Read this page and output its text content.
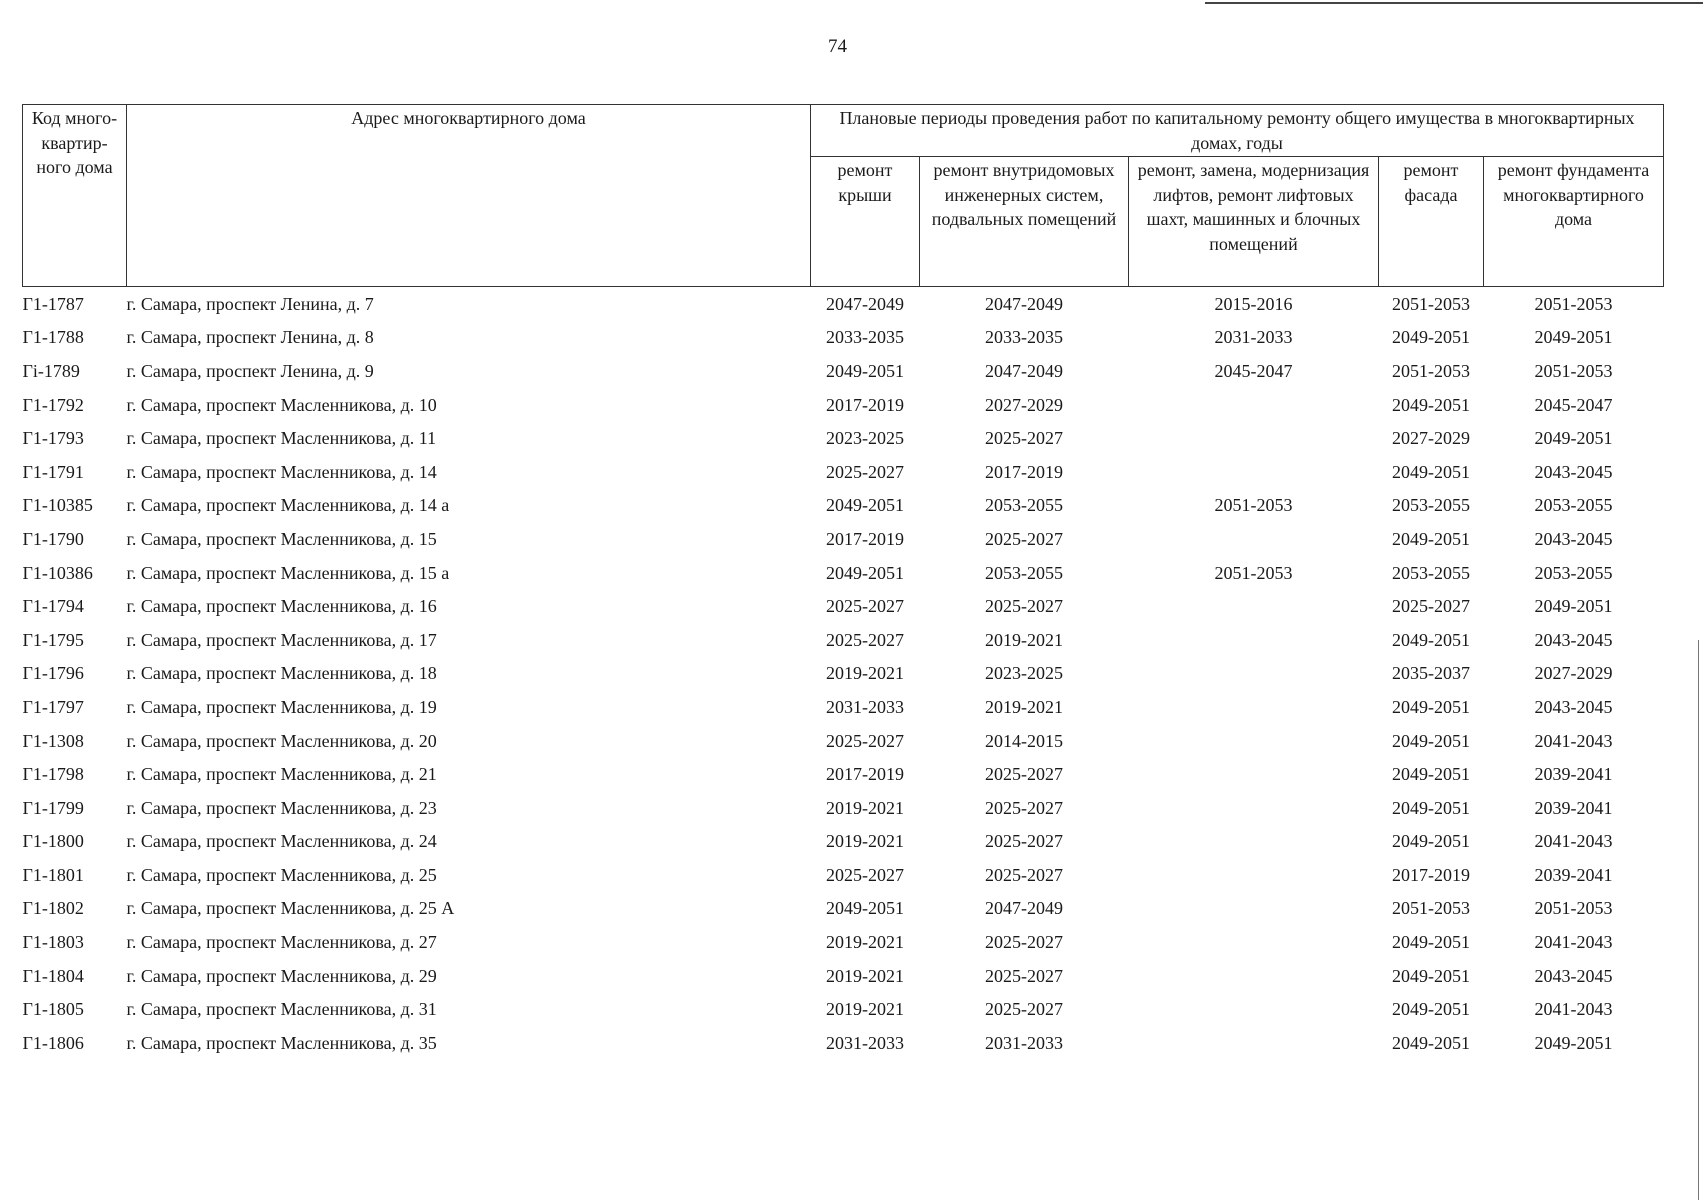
74
Код много-квартир-ного дома	Адрес многоквартирного дома	Плановые периоды проведения работ по капитальному ремонту общего имущества в многоквартирных домах, годы				
		ремонт крыши	ремонт внутридомовых инженерных систем, подвальных помещений	ремонт, замена, модернизация лифтов, ремонт лифтовых шахт, машинных и блочных помещений	ремонт фасада	ремонт фундамента многоквартирного дома
Г1-1787	г. Самара, проспект Ленина, д. 7	2047-2049	2047-2049	2015-2016	2051-2053	2051-2053
Г1-1788	г. Самара, проспект Ленина, д. 8	2033-2035	2033-2035	2031-2033	2049-2051	2049-2051
Гi-1789	г. Самара, проспект Ленина, д. 9	2049-2051	2047-2049	2045-2047	2051-2053	2051-2053
Г1-1792	г. Самара, проспект Масленникова, д. 10	2017-2019	2027-2029		2049-2051	2045-2047
Г1-1793	г. Самара, проспект Масленникова, д. 11	2023-2025	2025-2027		2027-2029	2049-2051
Г1-1791	г. Самара, проспект Масленникова, д. 14	2025-2027	2017-2019		2049-2051	2043-2045
Г1-10385	г. Самара, проспект Масленникова, д. 14 а	2049-2051	2053-2055	2051-2053	2053-2055	2053-2055
Г1-1790	г. Самара, проспект Масленникова, д. 15	2017-2019	2025-2027		2049-2051	2043-2045
Г1-10386	г. Самара, проспект Масленникова, д. 15 а	2049-2051	2053-2055	2051-2053	2053-2055	2053-2055
Г1-1794	г. Самара, проспект Масленникова, д. 16	2025-2027	2025-2027		2025-2027	2049-2051
Г1-1795	г. Самара, проспект Масленникова, д. 17	2025-2027	2019-2021		2049-2051	2043-2045
Г1-1796	г. Самара, проспект Масленникова, д. 18	2019-2021	2023-2025		2035-2037	2027-2029
Г1-1797	г. Самара, проспект Масленникова, д. 19	2031-2033	2019-2021		2049-2051	2043-2045
Г1-1308	г. Самара, проспект Масленникова, д. 20	2025-2027	2014-2015		2049-2051	2041-2043
Г1-1798	г. Самара, проспект Масленникова, д. 21	2017-2019	2025-2027		2049-2051	2039-2041
Г1-1799	г. Самара, проспект Масленникова, д. 23	2019-2021	2025-2027		2049-2051	2039-2041
Г1-1800	г. Самара, проспект Масленникова, д. 24	2019-2021	2025-2027		2049-2051	2041-2043
Г1-1801	г. Самара, проспект Масленникова, д. 25	2025-2027	2025-2027		2017-2019	2039-2041
Г1-1802	г. Самара, проспект Масленникова, д. 25 А	2049-2051	2047-2049		2051-2053	2051-2053
Г1-1803	г. Самара, проспект Масленникова, д. 27	2019-2021	2025-2027		2049-2051	2041-2043
Г1-1804	г. Самара, проспект Масленникова, д. 29	2019-2021	2025-2027		2049-2051	2043-2045
Г1-1805	г. Самара, проспект Масленникова, д. 31	2019-2021	2025-2027		2049-2051	2041-2043
Г1-1806	г. Самара, проспект Масленникова, д. 35	2031-2033	2031-2033		2049-2051	2049-2051
